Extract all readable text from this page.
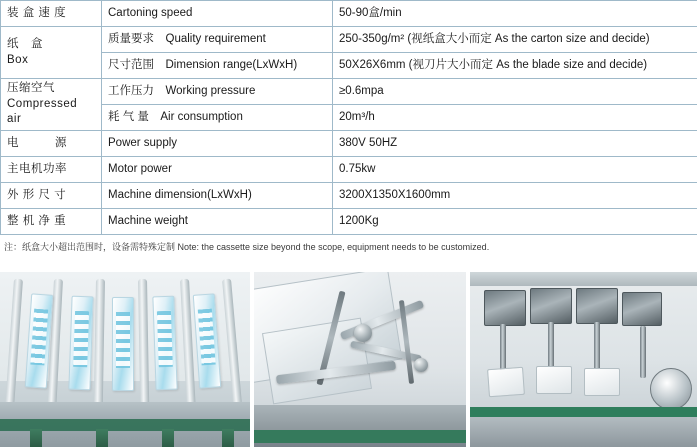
装 盒 速 度	Cartoning speed	50-90盒/min

纸　盒
Box	质量要求　Quality requirement	250-350g/m² (视纸盒大小而定 As the carton size and decide)
	尺寸范围　Dimension range(LxWxH)	50X26X6mm (视刀片大小而定 As the blade size and decide)

压缩空气
Compressed air	工作压力　Working pressure	≥0.6mpa
	耗 气 量　Air consumption	20m³/h
电　　　源	Power supply	380V 50HZ
主电机功率	Motor power	0.75kw
外 形 尺 寸	Machine dimension(LxWxH)	3200X1350X1600mm
整 机 净 重	Machine weight	1200Kg
注：纸盒大小超出范围时，设备需特殊定制 Note: the cassette size beyond the scope, equipment needs to be customized.
